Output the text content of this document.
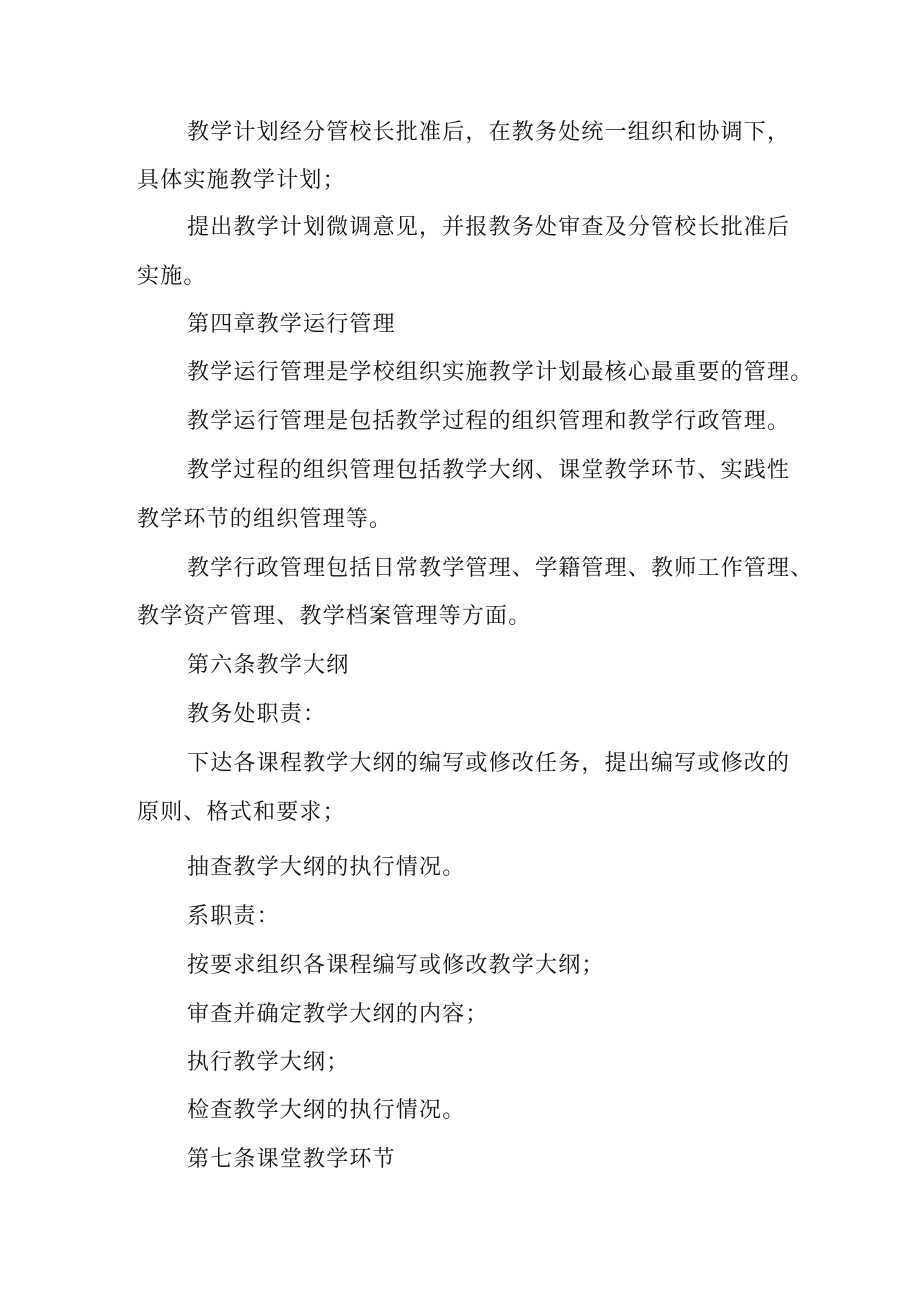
教学计划经分管校长批准后，在教务处统一组织和协调下，
具体实施教学计划；
提出教学计划微调意见，并报教务处审查及分管校长批准后
实施。
第四章教学运行管理
教学运行管理是学校组织实施教学计划最核心最重要的管理。
教学运行管理是包括教学过程的组织管理和教学行政管理。
教学过程的组织管理包括教学大纲、课堂教学环节、实践性
教学环节的组织管理等。
教学行政管理包括日常教学管理、学籍管理、教师工作管理、
教学资产管理、教学档案管理等方面。
第六条教学大纲
教务处职责：
下达各课程教学大纲的编写或修改任务，提出编写或修改的
原则、格式和要求；
抽查教学大纲的执行情况。
系职责：
按要求组织各课程编写或修改教学大纲；
审查并确定教学大纲的内容；
执行教学大纲；
检查教学大纲的执行情况。
第七条课堂教学环节
